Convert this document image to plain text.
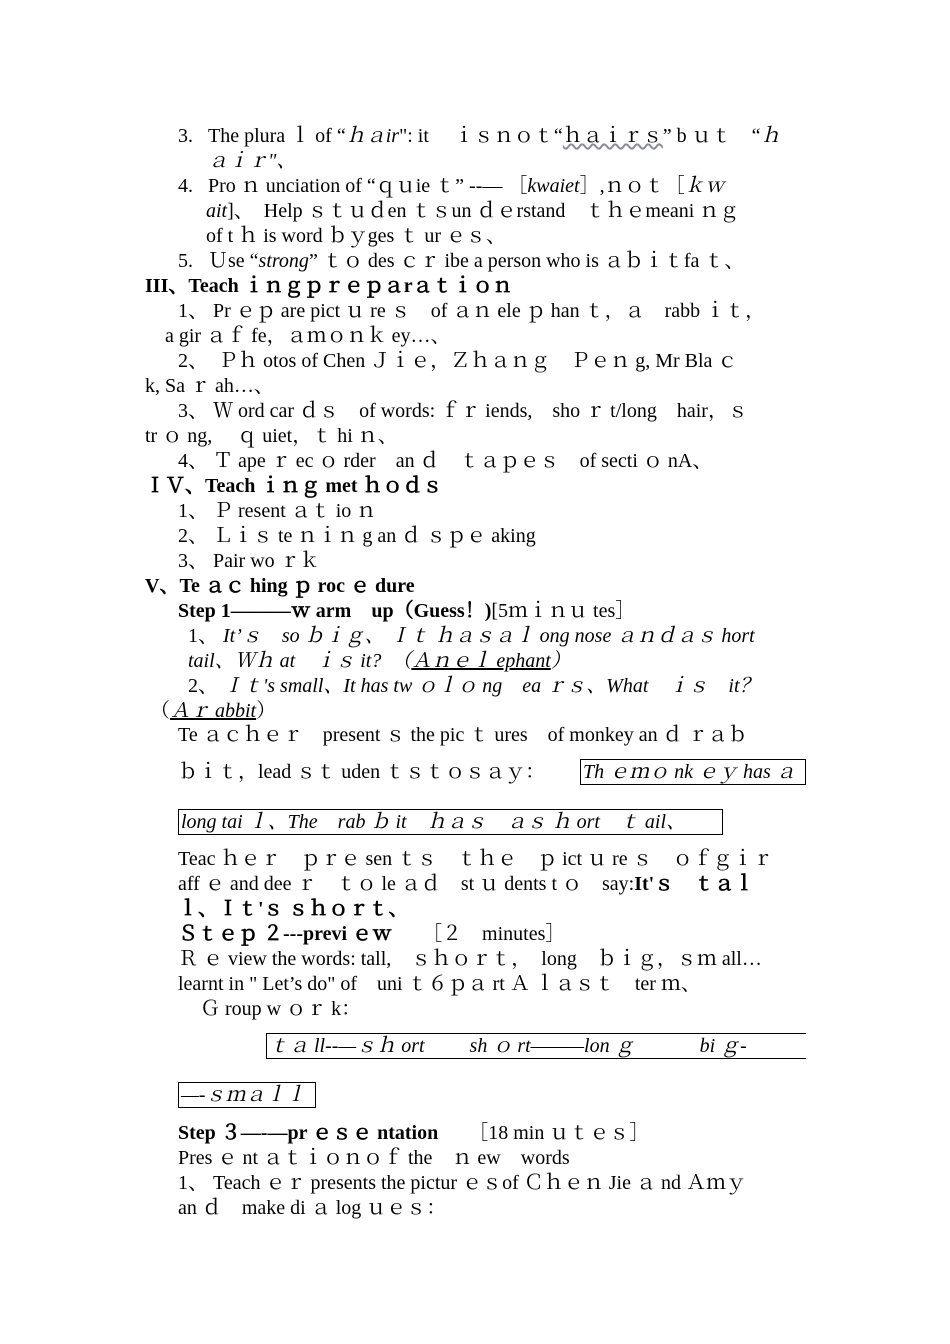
3. The plura ｌ of “ｈａir": it　 ｉｓｎｏｔ“ｈａｉｒｓ” b ｕｔ　“ｈ
ａｉｒ"、
4. Pro ｎ unciation of “ｑｕie ｔ” --— ［kwaiet］,ｎｏｔ［ｋｗ
ait]、　Help ｓｔｕｄen ｔｓun ｄｅrstand　ｔｈｅmeani ｎｇ
of t ｈ is word ｂｙges ｔ ur ｅｓ、
5. Ｕse “strong” ｔｏ des ｃｒ ibe a person who is ａｂｉｔfa ｔ、
III、Teach ｉｎｇｐｒｅｐａrａｔｉｏｎ
1、 Pr ｅｐ are pict ｕ re ｓ　of ａｎ ele ｐ han ｔ，ａ　rabb ｉｔ，
a gir ａｆ fe，ａｍｏｎｋ ey…、
2、　Ｐｈ otos of Chen Ｊｉｅ，Ｚｈａｎｇ　Ｐｅｎ g, Mr Bla ｃ
k, Sa ｒ ah…、
3、 Ｗ ord car ｄｓ　of words: ｆｒ iends,　sho ｒ t/long　hair，ｓ
tr ｏ ng,　 ｑ uiet，ｔ hi ｎ、
4、 Ｔ ape ｒ ec ｏ rder　an ｄ　ｔａｐｅｓ　of secti ｏ nA、
ＩＶ、Teach ｉｎｇ met ｈｏｄｓ
1、 Ｐ resent ａｔ io ｎ
2、 Ｌｉｓ te ｎｉｎ g an ｄ ｓｐｅ aking
3、 Pair wo ｒｋ
V、Te ａｃ hing ｐ roc ｅ dure
Step 1———ｗ arm　up（Guess！)[5ｍｉｎｕ tes］
1、 It’ｓ　so ｂｉｇ、 Ｉｔ ｈａｓａｌ ong nose ａｎｄａｓ hort
tail、Ｗｈ at　ｉｓ it?　（Ａｎｅｌ ephant）
2、 Ｉｔ's small、It has tw ｏｌｏ ng　ea ｒｓ、What　ｉｓ　it？
（Ａｒ abbit）
Te ａｃｈｅｒ　present ｓ the pic ｔ ures　of monkey an ｄ ｒａｂ
ｂｉｔ，lead ｓｔ uden ｔｓｔｏｓａｙ： Th ｅｍｏ nk ｅｙ has ａ
long tai ｌ、The　rab ｂ it　ｈａｓ　ａｓ ｈ ort　ｔ ail、
Teac ｈｅｒ　ｐｒｅ sen ｔｓ　ｔｈｅ　ｐ ict ｕ re ｓ　ｏｆｇｉｒ
aff ｅ and dee ｒ　ｔｏ le ａｄ　st ｕ dents t ｏ　say:It'ｓ　ｔａｌ
ｌ、Ｉｔ'ｓ ｓｈｏｒｔ、
Ｓｔｅｐ ２---previ ｅｗ　　 ［２　minutes］
Ｒ ｅ view the words: tall,　ｓｈｏｒｔ，　long　ｂｉｇ，ｓｍ all…
learnt in " Let’s do" of　uni ｔ６ｐａ rt Ａ ｌａｓｔ　ter ｍ、
Ｇ roup w ｏｒ k：
ｔａ ll--—ｓｈ ort　　 sh ｏ rt———lon ｇ　　　 bi ｇ-
—-ｓｍａｌｌ
Step ３—-—pr ｅｓｅ ntation　　 ［18 min ｕｔｅｓ］
Pres ｅ nt ａｔｉｏｎｏｆ the　ｎ ew　words
1、 Teach ｅｒ presents the pictur ｅｓof Ｃｈｅｎ Jie ａ nd Ａｍｙ
an ｄ　make di ａ log ｕｅｓ：
